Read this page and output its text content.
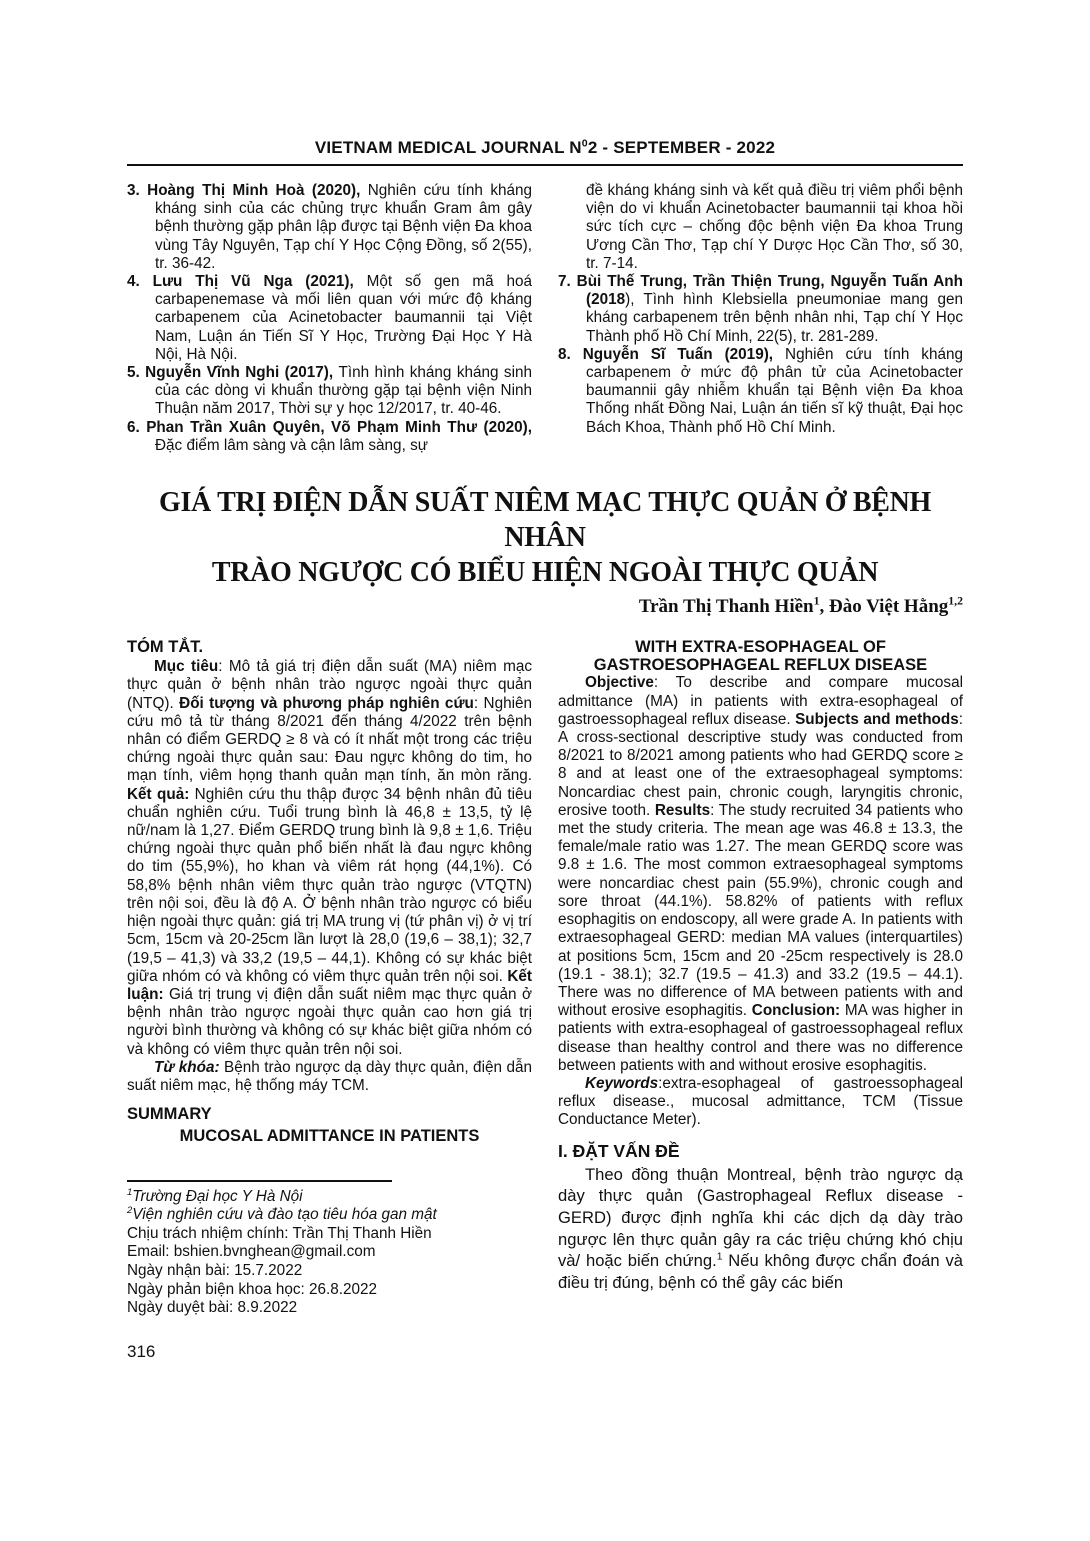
VIETNAM MEDICAL JOURNAL $N^02$ - SEPTEMBER - 2022

3. Hoàng Thị Minh Hoà (2020), Nghiên cứu tính kháng kháng sinh của các chủng trực khuẩn Gram âm gây bệnh thường gặp phân lập được tại Bệnh viện Đa khoa vùng Tây Nguyên, Tạp chí Y Học Cộng Đồng, số 2(55), tr. 36-42.

4. Lưu Thị Vũ Nga (2021), Một số gen mã hoá carbapenemase và mối liên quan với mức độ kháng carbapenem của Acinetobacter baumannii tại Việt Nam, Luận án Tiến Sĩ Y Học, Trường Đại Học Y Hà Nội, Hà Nội.

5. Nguyễn Vĩnh Nghi (2017), Tình hình kháng kháng sinh của các dòng vi khuẩn thường gặp tại bệnh viện Ninh Thuận năm 2017, Thời sự y học 12/2017, tr. 40-46.

6. Phan Trần Xuân Quyên, Võ Phạm Minh Thư (2020), Đặc điểm lâm sàng và cận lâm sàng, sự

đề kháng kháng sinh và kết quả điều trị viêm phổi bệnh viện do vi khuẩn Acinetobacter baumannii tại khoa hồi sức tích cực – chống độc bệnh viện Đa khoa Trung Ương Cần Thơ, Tạp chí Y Dược Học Cần Thơ, số 30, tr. 7-14.

7. Bùi Thế Trung, Trần Thiện Trung, Nguyễn Tuấn Anh (2018), Tình hình Klebsiella pneumoniae mang gen kháng carbapenem trên bệnh nhân nhi, Tạp chí Y Học Thành phố Hồ Chí Minh, 22(5), tr. 281-289.

8. Nguyễn Sĩ Tuấn (2019), Nghiên cứu tính kháng carbapenem ở mức độ phân tử của Acinetobacter baumannii gây nhiễm khuẩn tại Bệnh viện Đa khoa Thống nhất Đồng Nai, Luận án tiến sĩ kỹ thuật, Đại học Bách Khoa, Thành phố Hồ Chí Minh.

GIÁ TRỊ ĐIỆN DẪN SUẤT NIÊM MẠC THỰC QUẢN Ở BỆNH NHÂN
TRÀO NGƯỢC CÓ BIỂU HIỆN NGOÀI THỰC QUẢN
Trần Thị Thanh Hiền$^1$, Đào Việt Hằng$^{1,2}$
TÓM TẮT.

Mục tiêu: Mô tả giá trị điện dẫn suất (MA) niêm mạc thực quản ở bệnh nhân trào ngược ngoài thực quản (NTQ). Đối tượng và phương pháp nghiên cứu: Nghiên cứu mô tả từ tháng 8/2021 đến tháng 4/2022 trên bệnh nhân có điểm GERDQ ≥ 8 và có ít nhất một trong các triệu chứng ngoài thực quản sau: Đau ngực không do tim, ho mạn tính, viêm họng thanh quản mạn tính, ăn mòn răng. Kết quả: Nghiên cứu thu thập được 34 bệnh nhân đủ tiêu chuẩn nghiên cứu. Tuổi trung bình là 46,8 ± 13,5, tỷ lệ nữ/nam là 1,27. Điểm GERDQ trung bình là 9,8 ± 1,6. Triệu chứng ngoài thực quản phổ biến nhất là đau ngực không do tim (55,9%), ho khan và viêm rát họng (44,1%). Có 58,8% bệnh nhân viêm thực quản trào ngược (VTQTN) trên nội soi, đều là độ A. Ở bệnh nhân trào ngược có biểu hiện ngoài thực quản: giá trị MA trung vị (tứ phân vị) ở vị trí 5cm, 15cm và 20-25cm lần lượt là 28,0 (19,6 – 38,1); 32,7 (19,5 – 41,3) và 33,2 (19,5 – 44,1). Không có sự khác biệt giữa nhóm có và không có viêm thực quản trên nội soi. Kết luận: Giá trị trung vị điện dẫn suất niêm mạc thực quản ở bệnh nhân trào ngược ngoài thực quản cao hơn giá trị người bình thường và không có sự khác biệt giữa nhóm có và không có viêm thực quản trên nội soi.

Từ khóa: Bệnh trào ngược dạ dày thực quản, điện dẫn suất niêm mạc, hệ thống máy TCM.

SUMMARY
MUCOSAL ADMITTANCE IN PATIENTS

$^1$Trường Đại học Y Hà Nội

$^2$Viện nghiên cứu và đào tạo tiêu hóa gan mật

Chịu trách nhiệm chính: Trần Thị Thanh Hiền

Email: bshien.bvnghean@gmail.com

Ngày nhận bài: 15.7.2022

Ngày phản biện khoa học: 26.8.2022

Ngày duyệt bài: 8.9.2022

WITH EXTRA-ESOPHAGEAL OF
GASTROESOPHAGEAL REFLUX DISEASE

Objective: To describe and compare mucosal admittance (MA) in patients with extra-esophageal of gastroessophageal reflux disease. Subjects and methods: A cross-sectional descriptive study was conducted from 8/2021 to 8/2021 among patients who had GERDQ score ≥ 8 and at least one of the extraesophageal symptoms: Noncardiac chest pain, chronic cough, laryngitis chronic, erosive tooth. Results: The study recruited 34 patients who met the study criteria. The mean age was 46.8 ± 13.3, the female/male ratio was 1.27. The mean GERDQ score was 9.8 ± 1.6. The most common extraesophageal symptoms were noncardiac chest pain (55.9%), chronic cough and sore throat (44.1%). 58.82% of patients with reflux esophagitis on endoscopy, all were grade A. In patients with extraesophageal GERD: median MA values (interquartiles) at positions 5cm, 15cm and 20 -25cm respectively is 28.0 (19.1 - 38.1); 32.7 (19.5 – 41.3) and 33.2 (19.5 – 44.1). There was no difference of MA between patients with and without erosive esophagitis. Conclusion: MA was higher in patients with extra-esophageal of gastroessophageal reflux disease than healthy control and there was no difference between patients with and without erosive esophagitis.

Keywords:extra-esophageal of gastroessophageal reflux disease., mucosal admittance, TCM (Tissue Conductance Meter).

I. ĐẶT VẤN ĐỀ

Theo đồng thuận Montreal, bệnh trào ngược dạ dày thực quản (Gastrophageal Reflux disease - GERD) được định nghĩa khi các dịch dạ dày trào ngược lên thực quản gây ra các triệu chứng khó chịu và/ hoặc biến chứng.$^1$ Nếu không được chẩn đoán và điều trị đúng, bệnh có thể gây các biến

316
